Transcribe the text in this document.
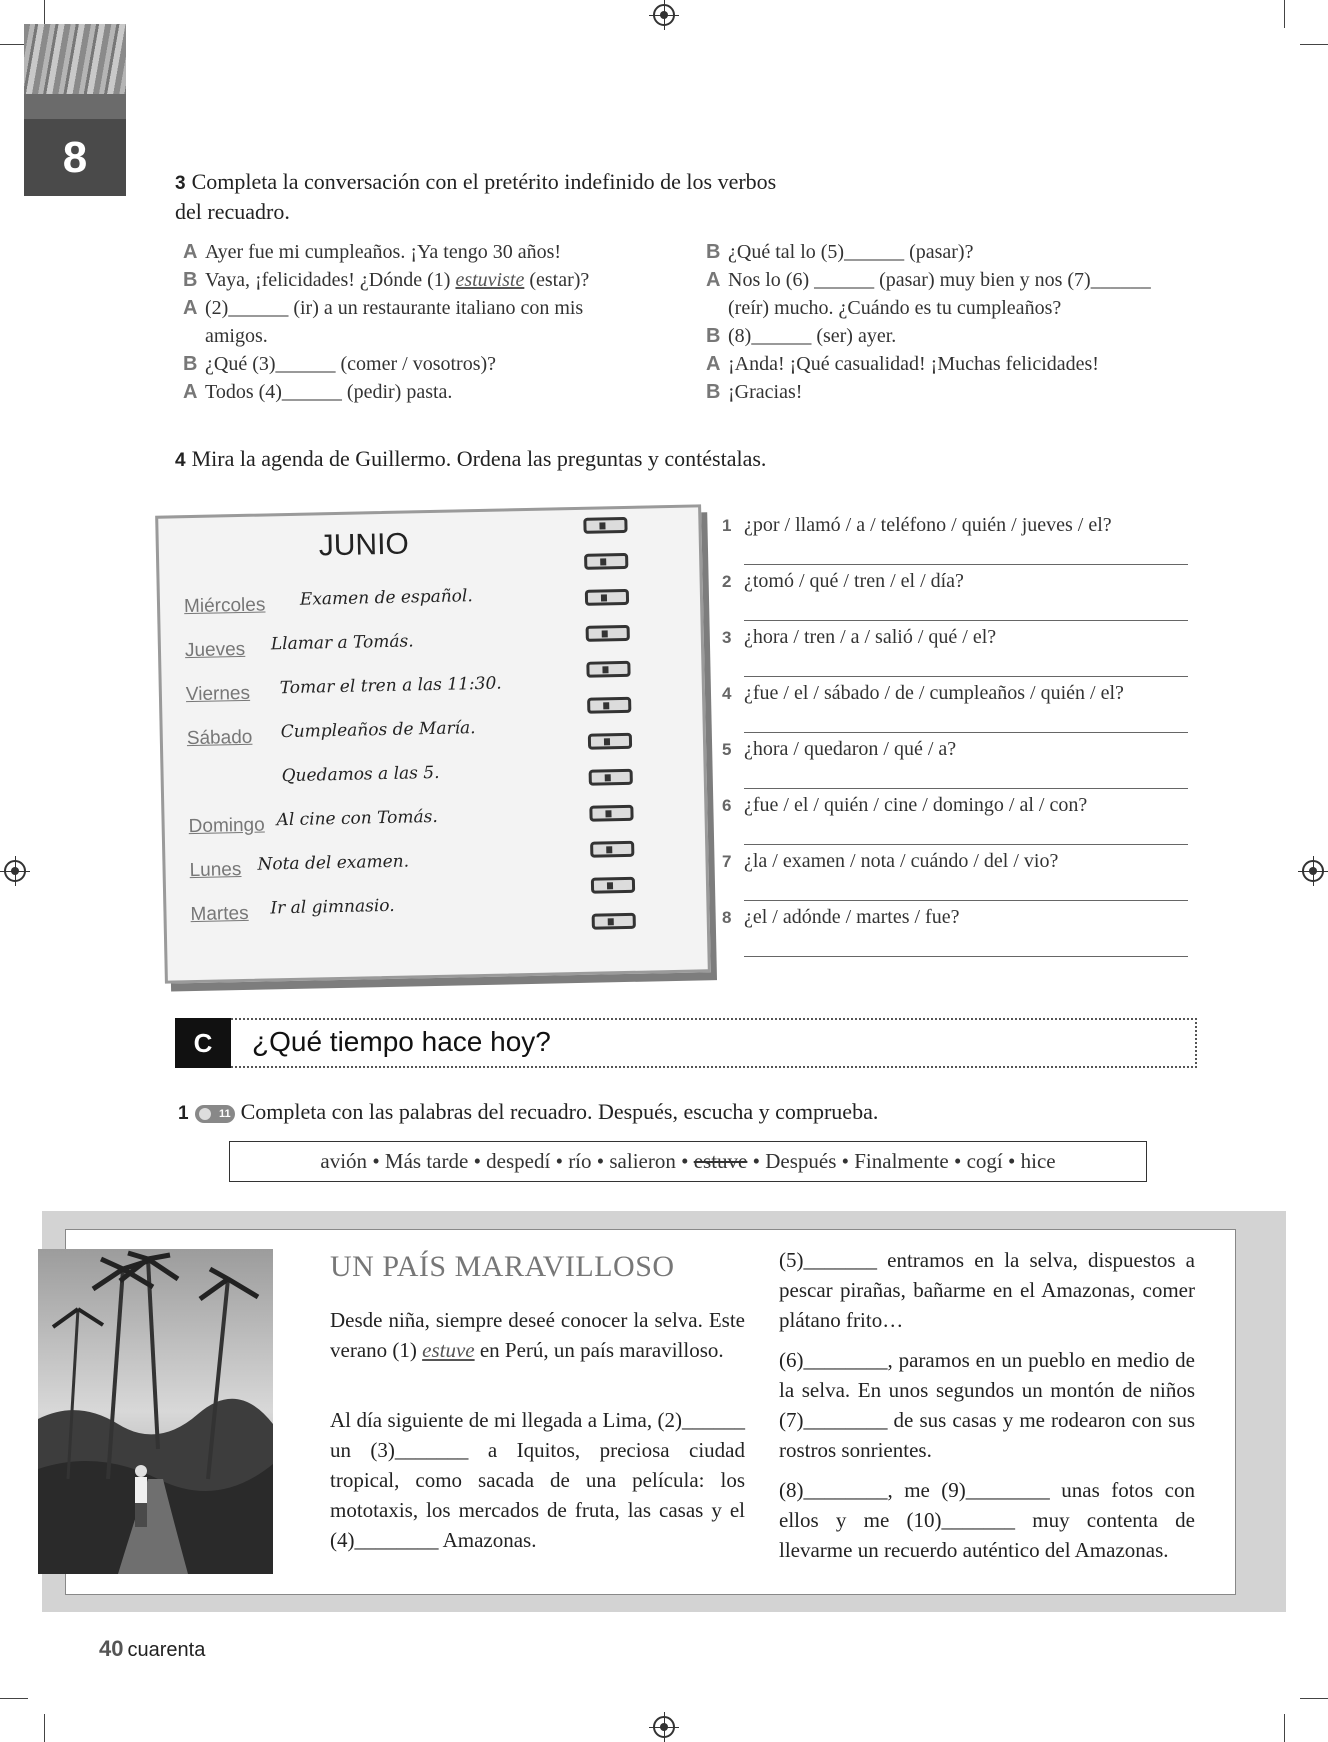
8
3 Completa la conversación con el pretérito indefinido de los verbos
del recuadro.
A Ayer fue mi cumpleaños. ¡Ya tengo 30 años!
B Vaya, ¡felicidades! ¿Dónde (1) estuviste (estar)?
A (2)______ (ir) a un restaurante italiano con mis
amigos.
B ¿Qué (3)______ (comer / vosotros)?
A Todos (4)______ (pedir) pasta.
B ¿Qué tal lo (5)______ (pasar)?
A Nos lo (6) ______ (pasar) muy bien y nos (7)______
(reír) mucho. ¿Cuándo es tu cumpleaños?
B (8)______ (ser) ayer.
A ¡Anda! ¡Qué casualidad! ¡Muchas felicidades!
B ¡Gracias!
4 Mira la agenda de Guillermo. Ordena las preguntas y contéstalas.
JUNIO
Miércoles Examen de español.
Jueves Llamar a Tomás.
Viernes Tomar el tren a las 11:30.
Sábado Cumpleaños de María.
Quedamos a las 5.
Domingo Al cine con Tomás.
Lunes Nota del examen.
Martes Ir al gimnasio.
1 ¿por / llamó / a / teléfono / quién / jueves / el?
2 ¿tomó / qué / tren / el / día?
3 ¿hora / tren / a / salió / qué / el?
4 ¿fue / el / sábado / de / cumpleaños / quién / el?
5 ¿hora / quedaron / qué / a?
6 ¿fue / el / quién / cine / domingo / al / con?
7 ¿la / examen / nota / cuándo / del / vio?
8 ¿el / adónde / martes / fue?
C	¿Qué tiempo hace hoy?
1	11 Completa con las palabras del recuadro. Después, escucha y comprueba.
avión • Más tarde • despedí • río • salieron • estuve • Después • Finalmente • cogí • hice
UN PAÍS MARAVILLOSO
Desde niña, siempre deseé conocer la selva. Este verano (1) estuve en Perú, un país maravilloso.
Al día siguiente de mi llegada a Lima, (2)______ un (3)_______ a Iquitos, preciosa ciudad tropical, como sacada de una película: los mototaxis, los mercados de fruta, las casas y el (4)________ Amazonas.
(5)_______ entramos en la selva, dispuestos a pescar pirañas, bañarme en el Amazonas, comer plátano frito…
(6)________, paramos en un pueblo en medio de la selva. En unos segundos un montón de niños (7)________ de sus casas y me rodearon con sus rostros sonrientes.
(8)________, me (9)________ unas fotos con ellos y me (10)_______ muy contenta de llevarme un recuerdo auténtico del Amazonas.
40 cuarenta
